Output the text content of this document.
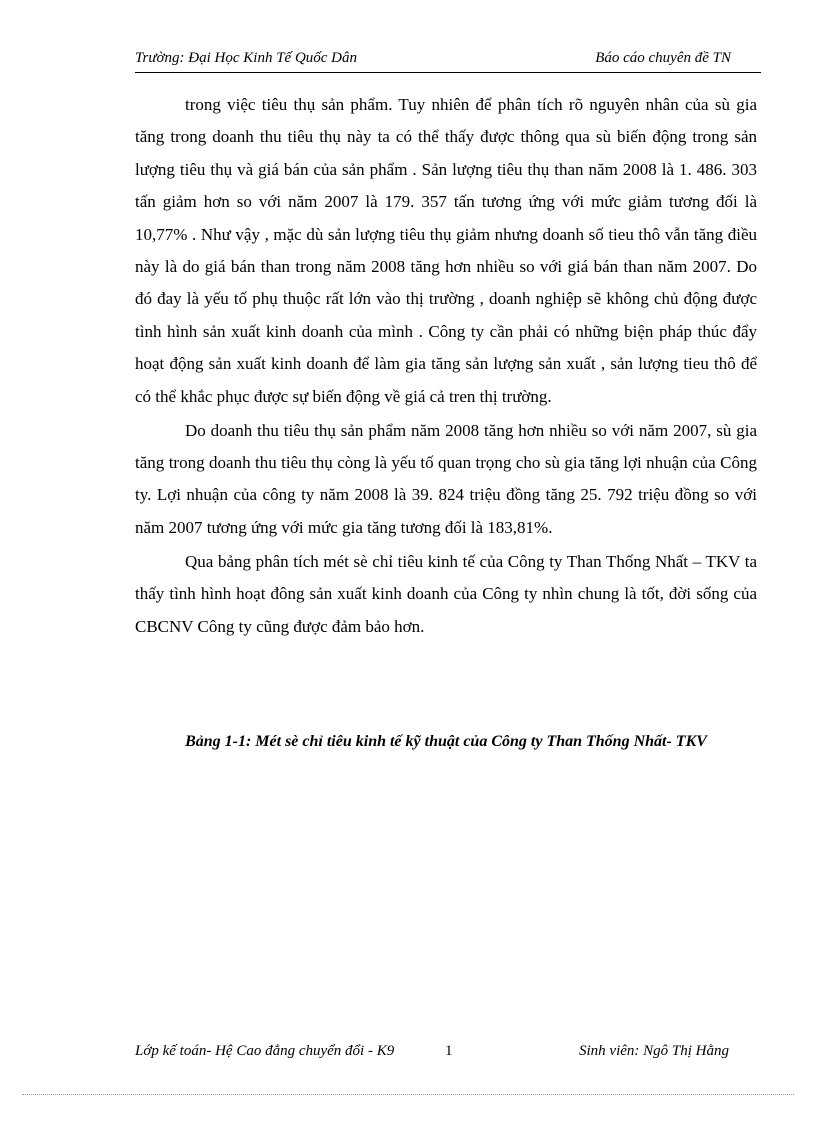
Trường: Đại Học Kinh Tế Quốc Dân	Báo cáo chuyên đề TN

trong việc tiêu thụ sản phẩm. Tuy nhiên để phân tích rõ nguyên nhân của sù gia tăng trong doanh thu tiêu thụ này ta có thể thấy được thông qua sù biến động trong sản lượng tiêu thụ và giá bán của sản phẩm . Sản lượng tiêu thụ than năm 2008 là 1. 486. 303 tấn giảm hơn so với năm 2007 là 179. 357 tấn tương ứng với mức giảm tương đối là 10,77% . Như vậy , mặc dù sản lượng tiêu thụ giảm nhưng doanh số tieu thô vẫn tăng điều này là do giá bán than trong năm 2008 tăng hơn nhiều so với giá bán than năm 2007. Do đó đay là yếu tố phụ thuộc rất lớn vào thị trường , doanh nghiệp sẽ không chủ động được tình hình sản xuất kinh doanh của mình . Công ty cần phải có những biện pháp thúc đẩy hoạt động sản xuất kinh doanh để làm gia tăng sản lượng sản xuất , sản lượng tieu thô để có thể khắc phục được sự biến động về giá cả tren thị trường.

Do doanh thu tiêu thụ sản phẩm năm 2008 tăng hơn nhiều so với năm 2007, sù gia tăng trong doanh thu tiêu thụ còng là yếu tố quan trọng cho sù gia tăng lợi nhuận của Công ty. Lợi nhuận của công ty năm 2008 là 39. 824 triệu đồng tăng 25. 792 triệu đồng so với năm 2007 tương ứng với mức gia tăng tương đối là 183,81%.

Qua bảng phân tích mét sè chỉ tiêu kinh tế của Công ty Than Thống Nhất – TKV ta thấy tình hình hoạt đông sản xuất kinh doanh của Công ty nhìn chung là tốt, đời sống của CBCNV Công ty cũng được đảm bảo hơn.

Bảng 1-1: Mét sè chỉ tiêu kinh tế kỹ thuật của Công ty Than Thống Nhất- TKV
Lớp kế toán- Hệ Cao đẳng chuyển đổi - K9	1	Sinh viên: Ngô Thị Hằng
